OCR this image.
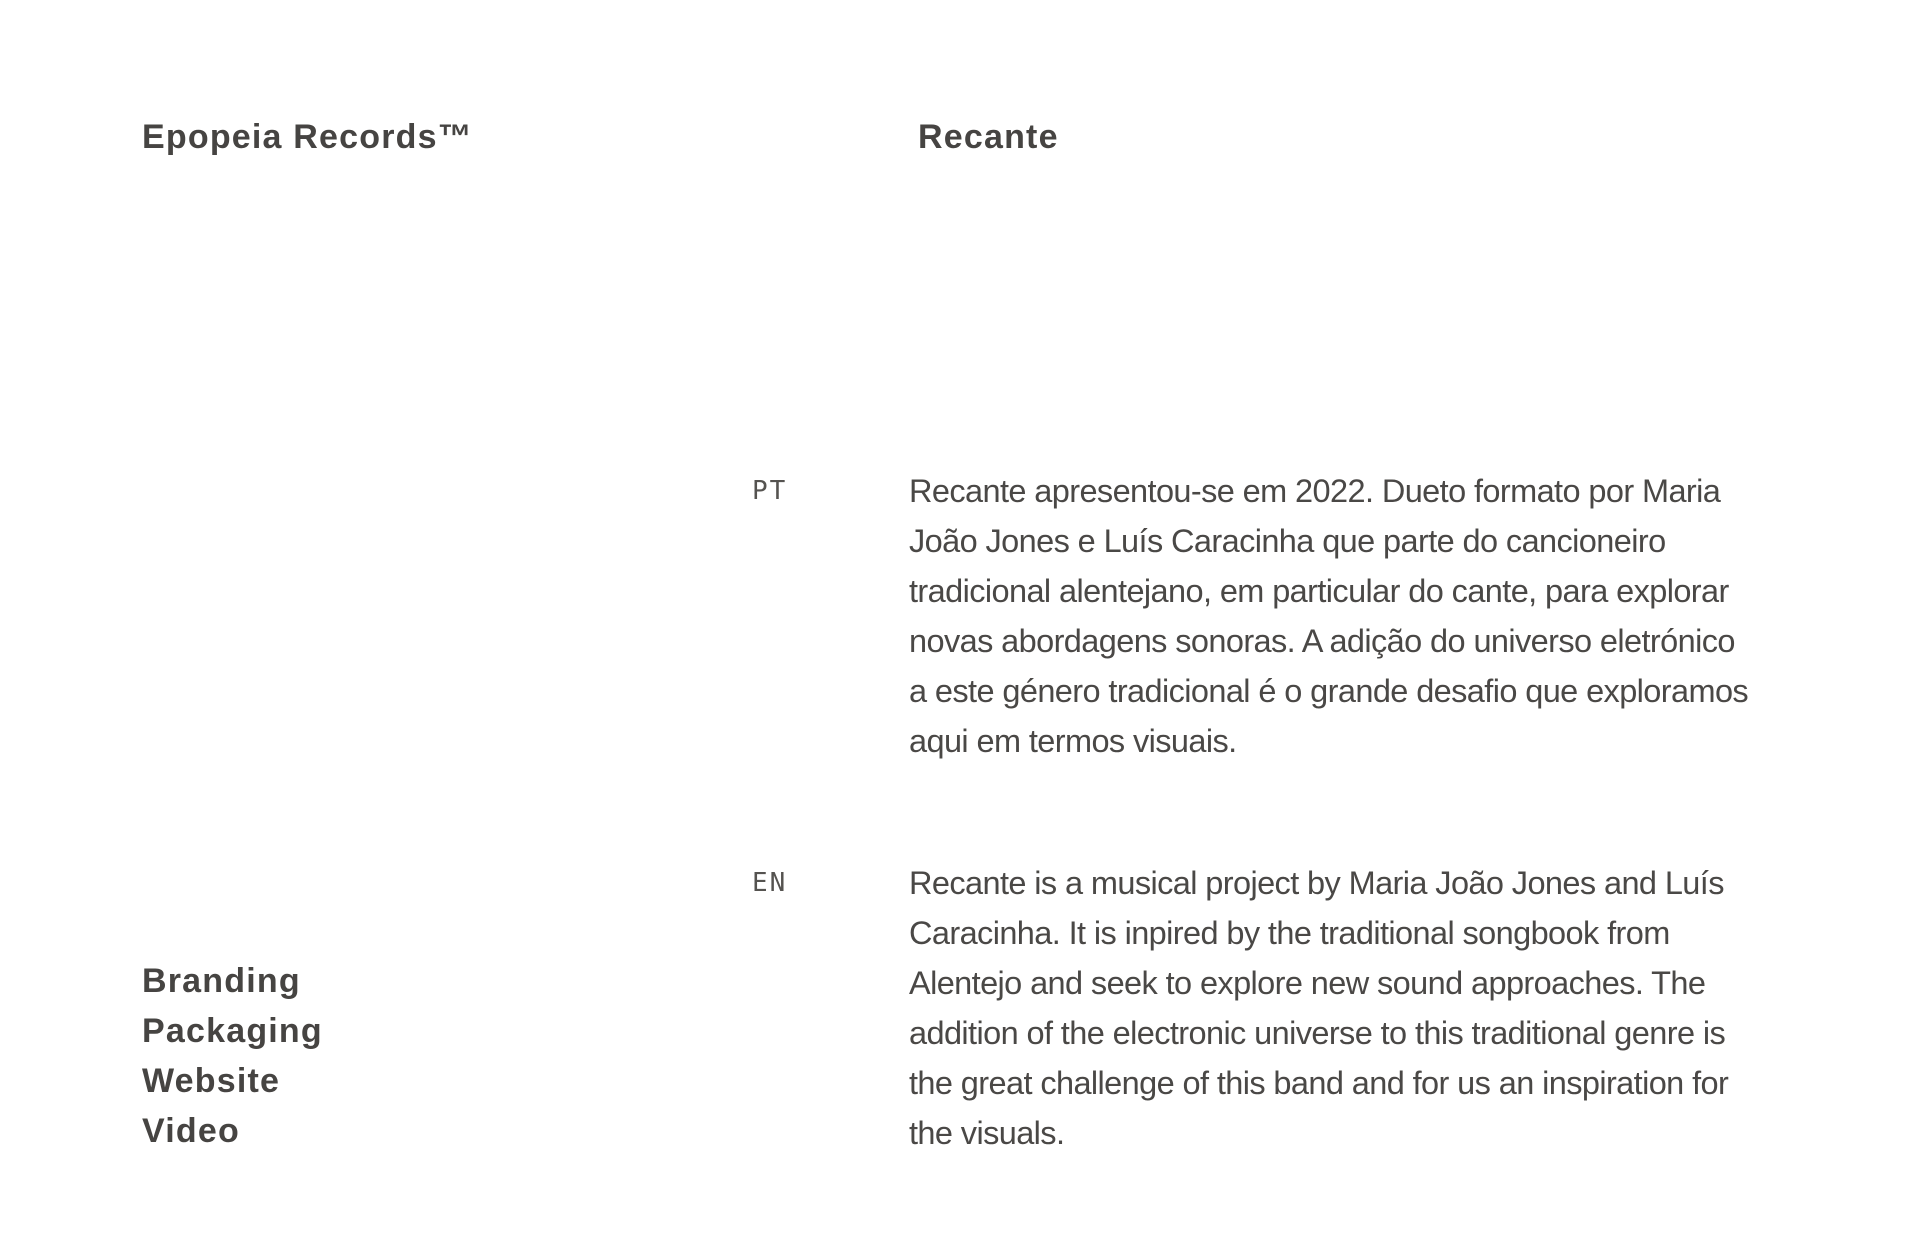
Epopeia Records™	Recante
PT	Recante apresentou-se em 2022. Dueto formato por Maria João Jones e Luís Caracinha que parte do cancioneiro tradicional alentejano, em particular do cante, para explorar novas abordagens sonoras. A adição do universo eletrónico a este género tradicional é o grande desafio que exploramos aqui em termos visuais.

EN	Recante is a musical project by Maria João Jones and Luís Caracinha. It is inpired by the traditional songbook from Alentejo and seek to explore new sound approaches. The addition of the electronic universe to this traditional genre is the great challenge of this band and for us an inspiration for the visuals.

Branding
Packaging
Website
Video
